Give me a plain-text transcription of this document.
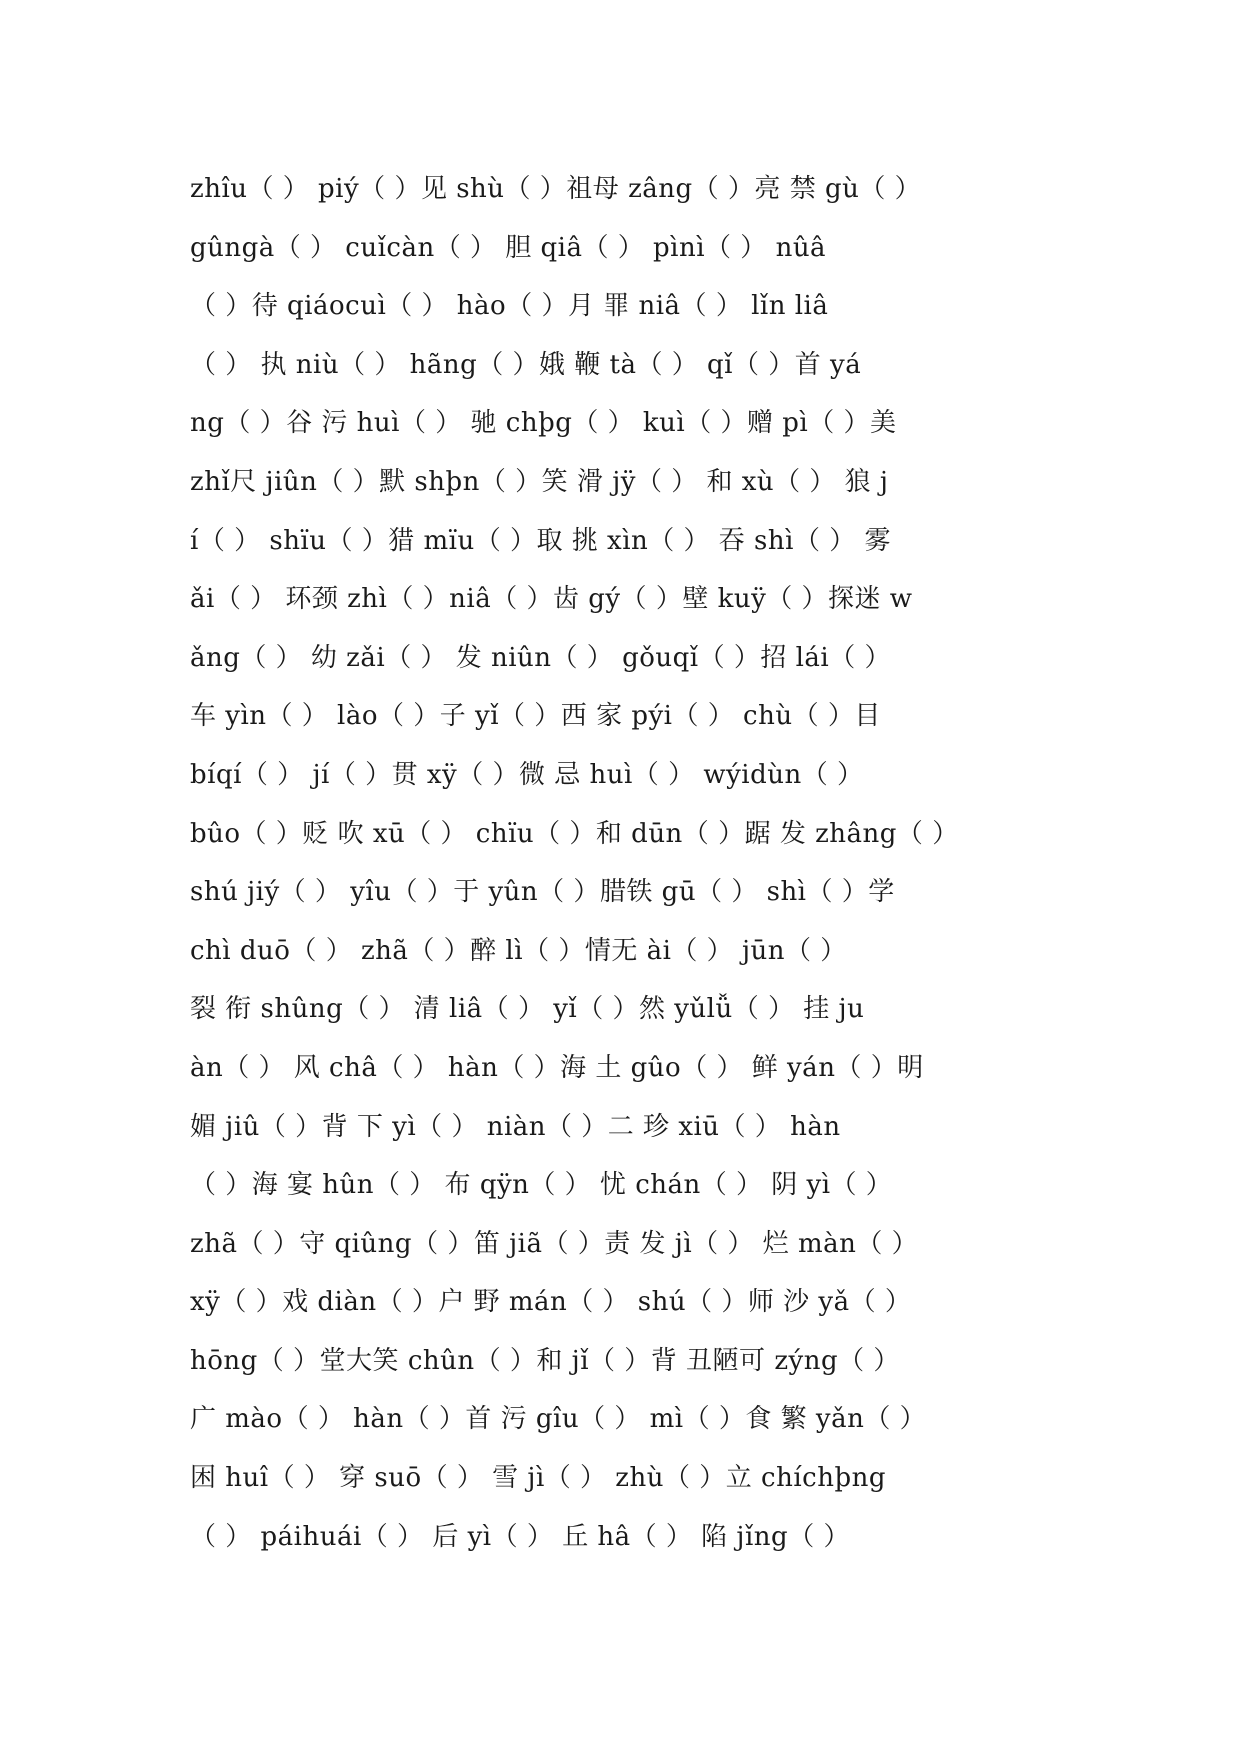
zhîu（ ） piý（ ）见 shù（ ）祖母 zâng（ ）亮 禁 gù（ ）
gûngà（ ） cuǐcàn（ ） 胆 qiâ（ ） pìnì（ ） nûâ
（ ）待 qiáocuì（ ） hào（ ）月 罪 niâ（ ） lǐn liâ
（ ） 执 niù（ ） hãng（ ）娥 鞭 tà（ ） qǐ（ ）首 yá
ng（ ）谷 污 huì（ ） 驰 chþg（ ） kuì（ ）赠 pì（ ）美
zhǐ尺 jiûn（ ）默 shþn（ ）笑 滑 jÿ（ ） 和 xù（ ） 狼 j
í（ ） shïu（ ）猎 mïu（ ）取 挑 xìn（ ） 吞 shì（ ） 雾
ǎi（ ） 环颈 zhì（ ）niâ（ ）齿 gý（ ）壁 kuÿ（ ）探迷 w
ǎng（ ） 幼 zǎi（ ） 发 niûn（ ） gǒuqǐ（ ）招 lái（ ）
车 yìn（ ） lào（ ）子 yǐ（ ）西 家 pýi（ ） chù（ ）目
bíqí（ ） jí（ ）贯 xÿ（ ）微 忌 huì（ ） wýidùn（ ）
bûo（ ）贬 吹 xū（ ） chïu（ ）和 dūn（ ）踞 发 zhâng（ ）
shú jiý（ ） yîu（ ）于 yûn（ ）腊铁 gū（ ） shì（ ）学
chì duō（ ） zhã（ ）醉 lì（ ）情无 ài（ ） jūn（ ）
裂 衔 shûng（ ） 清 liâ（ ） yǐ（ ）然 yǔlǚ（ ） 挂 ju
àn（ ） 风 châ（ ） hàn（ ）海 土 gûo（ ） 鲜 yán（ ）明
媚 jiû（ ）背 下 yì（ ） niàn（ ）二 珍 xiū（ ） hàn
（ ）海 宴 hûn（ ） 布 qÿn（ ） 忧 chán（ ） 阴 yì（ ）
zhã（ ）守 qiûng（ ）笛 jiã（ ）责 发 jì（ ） 烂 màn（ ）
xÿ（ ）戏 diàn（ ）户 野 mán（ ） shú（ ）师 沙 yǎ（ ）
hōng（ ）堂大笑 chûn（ ）和 jǐ（ ）背 丑陋可 zýng（ ）
广 mào（ ） hàn（ ）首 污 gîu（ ） mì（ ）食 繁 yǎn（ ）
困 huî（ ） 穿 suō（ ） 雪 jì（ ） zhù（ ）立 chíchþng
（ ） páihuái（ ） 后 yì（ ） 丘 hâ（ ） 陷 jǐng（ ）
